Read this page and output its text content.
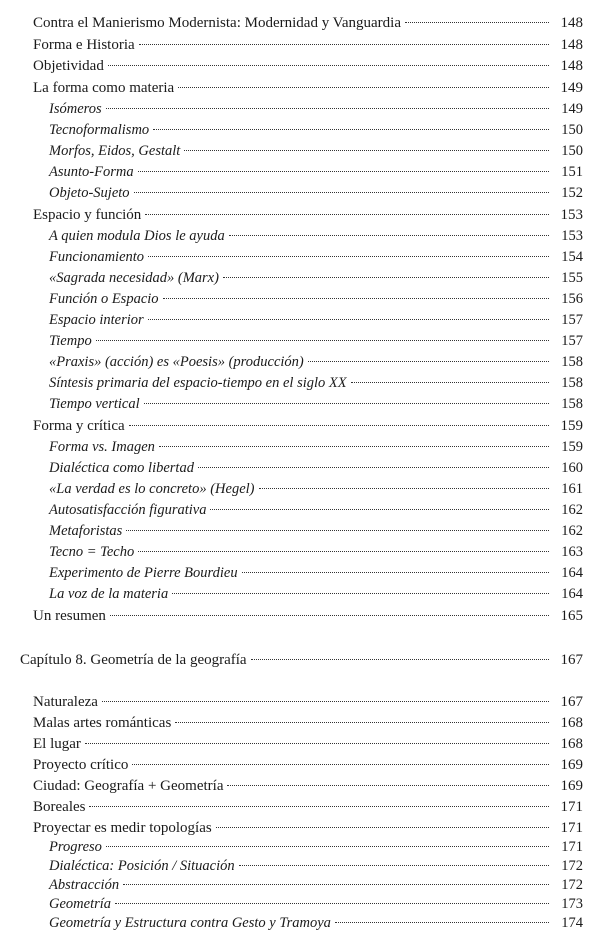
Contra el Manierismo Modernista: Modernidad y Vanguardia	148
Forma e Historia	148
Objetividad	148
La forma como materia	149
Isómeros	149
Tecnoformalismo	150
Morfos, Eidos, Gestalt	150
Asunto-Forma	151
Objeto-Sujeto	152
Espacio y función	153
A quien modula Dios le ayuda	153
Funcionamiento	154
«Sagrada necesidad» (Marx)	155
Función o Espacio	156
Espacio interior	157
Tiempo	157
«Praxis» (acción) es «Poesis» (producción)	158
Síntesis primaria del espacio-tiempo en el siglo XX	158
Tiempo vertical	158
Forma y crítica	159
Forma vs. Imagen	159
Dialéctica como libertad	160
«La verdad es lo concreto» (Hegel)	161
Autosatisfacción figurativa	162
Metaforistas	162
Tecno = Techo	163
Experimento de Pierre Bourdieu	164
La voz de la materia	164
Un resumen	165
Capítulo 8. Geometría de la geografía	167
Naturaleza	167
Malas artes románticas	168
El lugar	168
Proyecto crítico	169
Ciudad: Geografía + Geometría	169
Boreales	171
Proyectar es medir topologías	171
Progreso	171
Dialéctica: Posición / Situación	172
Abstracción	172
Geometría	173
Geometría y Estructura contra Gesto y Tramoya	174
